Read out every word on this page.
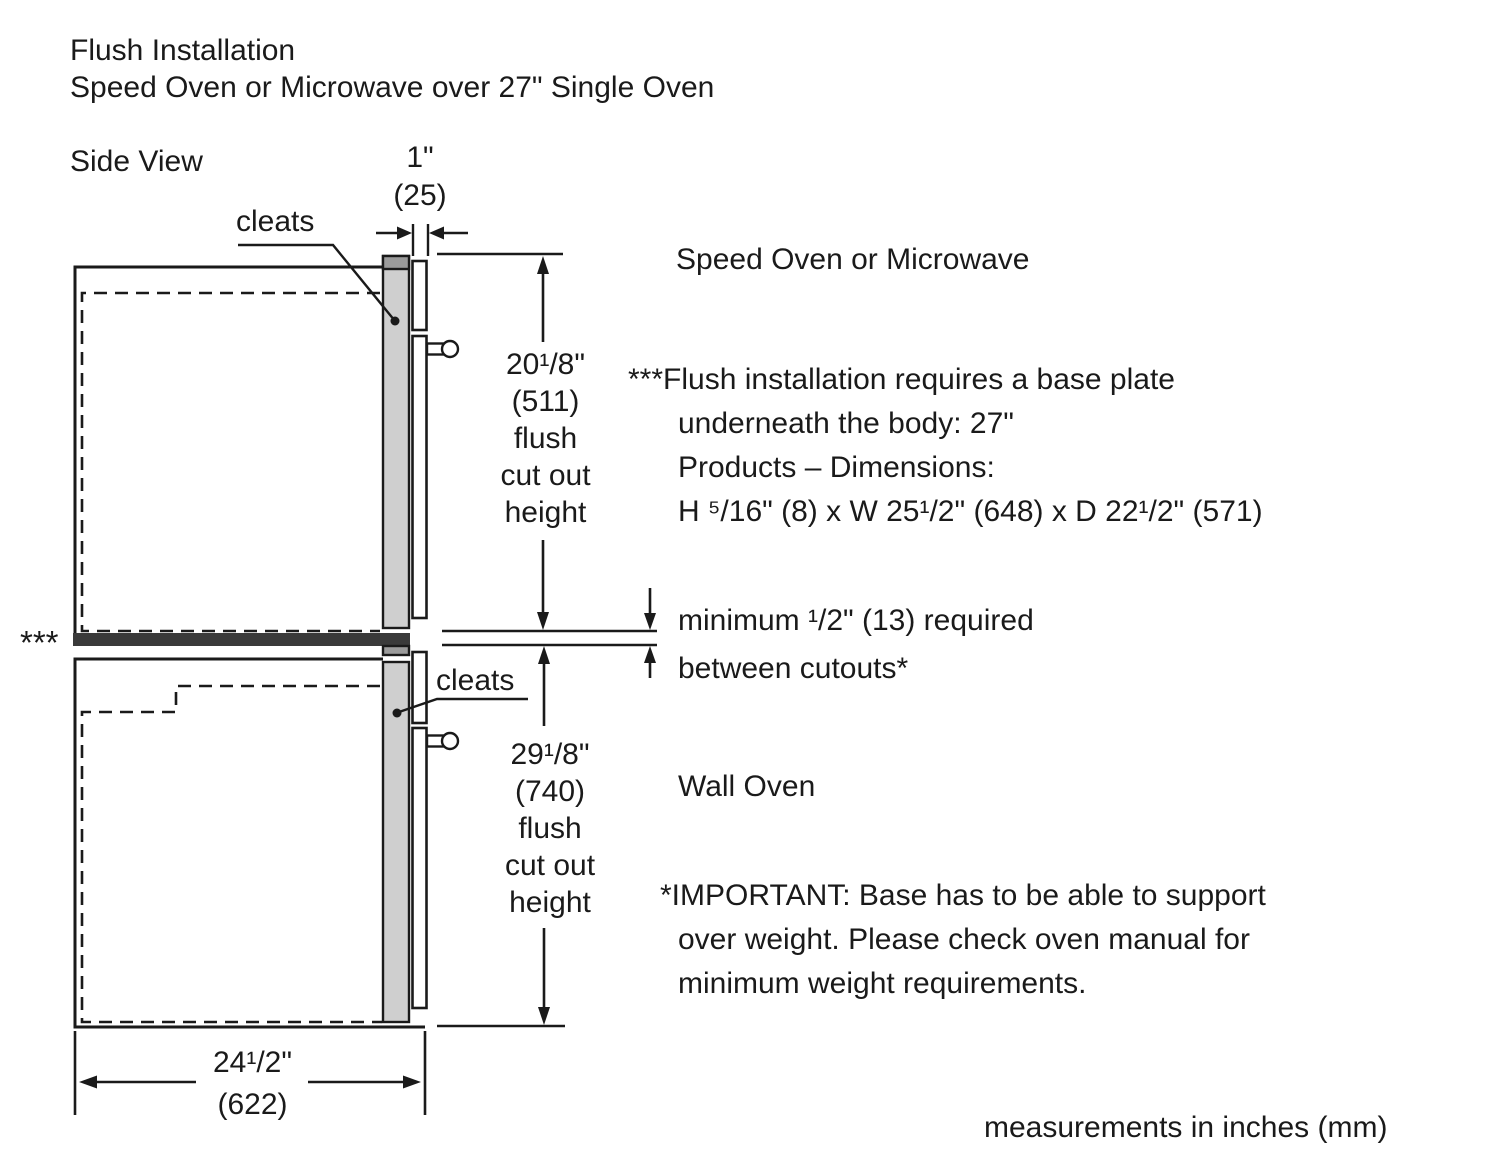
Flush Installation
Speed Oven or Microwave over 27" Single Oven
Side View	1"
(25)
cleats
Speed Oven or Microwave
20¹/8"
(511)
flush
cut out
height
***Flush installation requires a base plate
underneath the body: 27"
Products – Dimensions:
H ⁵/16" (8) x W 25¹/2" (648) x D 22¹/2" (571)
minimum ¹/2" (13) required
between cutouts*
***
cleats
29¹/8"
(740)
flush
cut out
height
Wall Oven
*IMPORTANT: Base has to be able to support
over weight. Please check oven manual for
minimum weight requirements.
24¹/2"
(622)
measurements in inches (mm)
